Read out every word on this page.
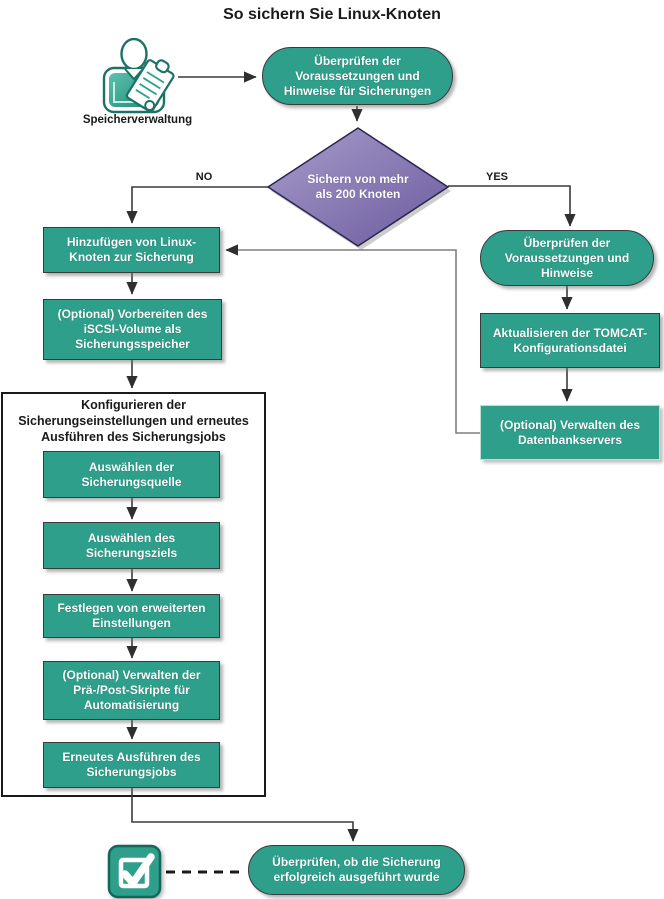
So sichern Sie Linux-Knoten
Speicherverwaltung
Überprüfen der Voraussetzungen und Hinweise für Sicherungen
Sichern von mehr als 200 Knoten
NO	YES
Hinzufügen von Linux-Knoten zur Sicherung
(Optional) Vorbereiten des iSCSI-Volume als Sicherungsspeicher
Konfigurieren der Sicherungseinstellungen und erneutes Ausführen des Sicherungsjobs
Auswählen der Sicherungsquelle
Auswählen des Sicherungsziels
Festlegen von erweiterten Einstellungen
(Optional) Verwalten der Prä-/Post-Skripte für Automatisierung
Erneutes Ausführen des Sicherungsjobs
Überprüfen der Voraussetzungen und Hinweise
Aktualisieren der TOMCAT-Konfigurationsdatei
(Optional) Verwalten des Datenbankservers
Überprüfen, ob die Sicherung erfolgreich ausgeführt wurde
